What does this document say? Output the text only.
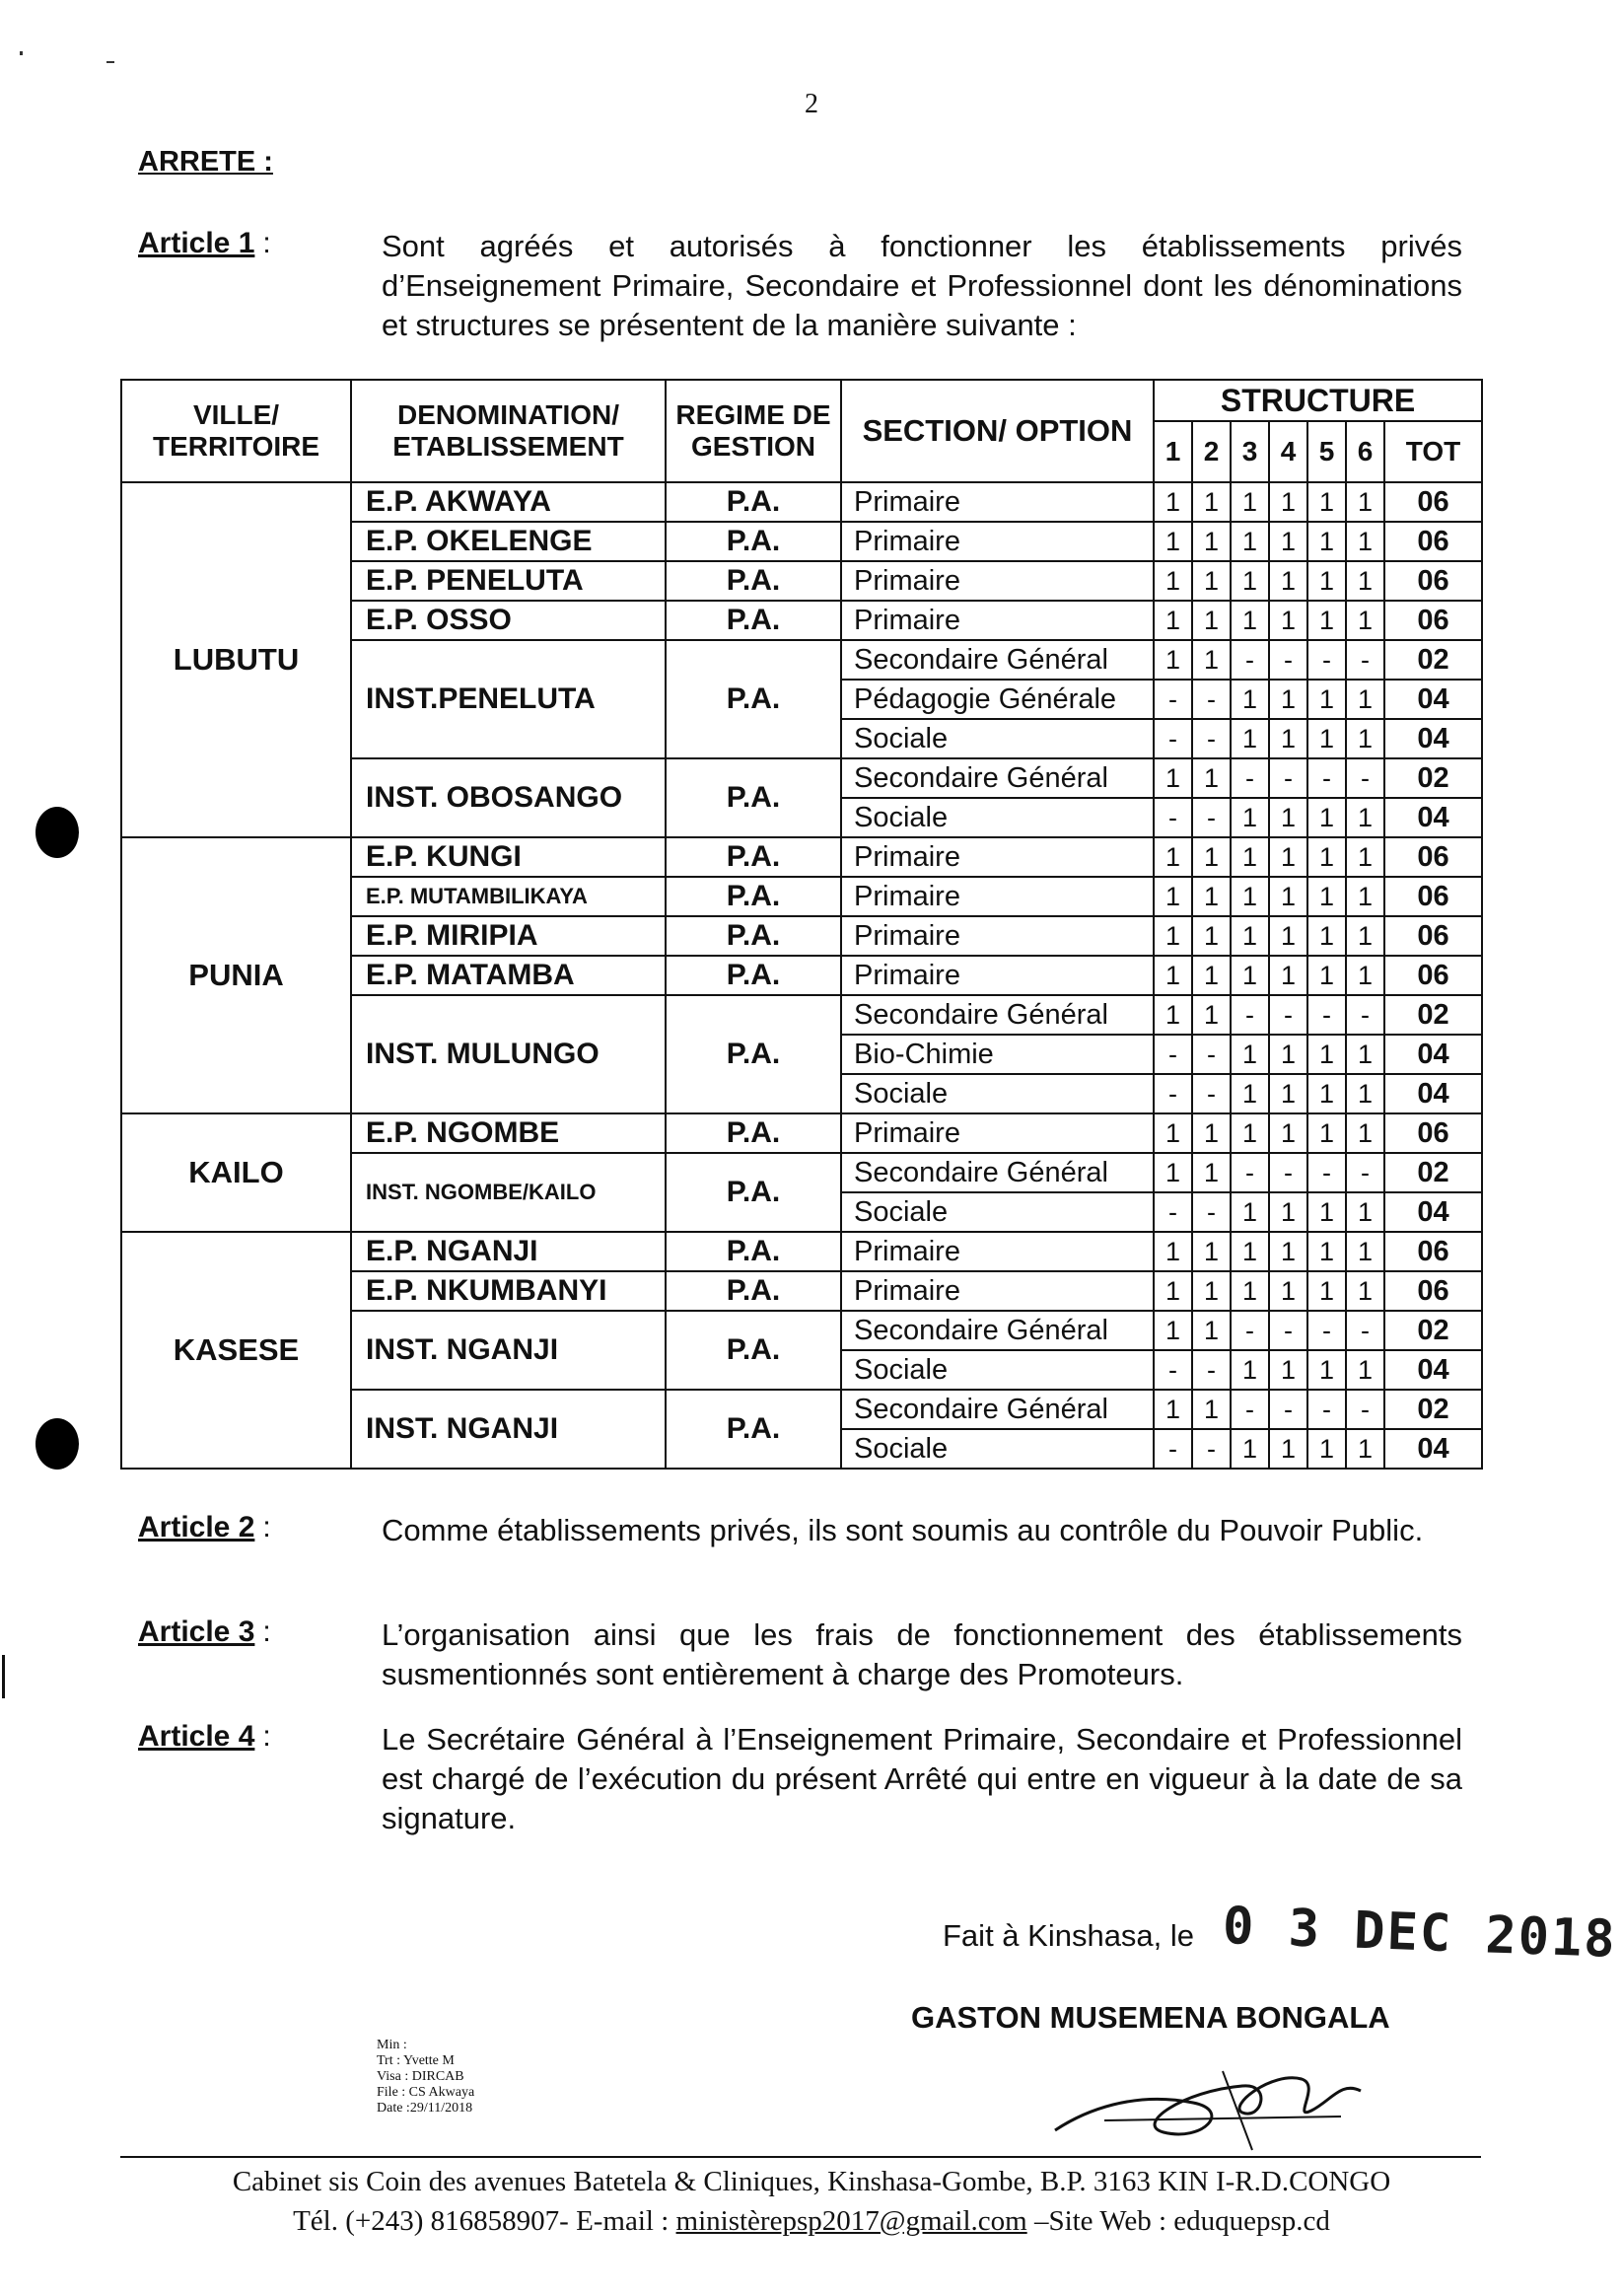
2
ARRETE :
Article 1 :	Sont agréés et autorisés à fonctionner les établissements privés d’Enseignement Primaire, Secondaire et Professionnel dont les dénominations et structures se présentent de la manière suivante :
VILLE/ TERRITOIRE	DENOMINATION/ ETABLISSEMENT	REGIME DE GESTION	SECTION/ OPTION	STRUCTURE						
				1	2	3	4	5	6	TOT
LUBUTU	E.P. AKWAYA	P.A.	Primaire	1	1	1	1	1	1	06
	E.P. OKELENGE	P.A.	Primaire	1	1	1	1	1	1	06
	E.P. PENELUTA	P.A.	Primaire	1	1	1	1	1	1	06
	E.P. OSSO	P.A.	Primaire	1	1	1	1	1	1	06
	INST.PENELUTA	P.A.	Secondaire Général	1	1	-	-	-	-	02
			Pédagogie Générale	-	-	1	1	1	1	04
			Sociale	-	-	1	1	1	1	04
	INST. OBOSANGO	P.A.	Secondaire Général	1	1	-	-	-	-	02
			Sociale	-	-	1	1	1	1	04
PUNIA	E.P. KUNGI	P.A.	Primaire	1	1	1	1	1	1	06
	E.P. MUTAMBILIKAYA	P.A.	Primaire	1	1	1	1	1	1	06
	E.P. MIRIPIA	P.A.	Primaire	1	1	1	1	1	1	06
	E.P. MATAMBA	P.A.	Primaire	1	1	1	1	1	1	06
	INST. MULUNGO	P.A.	Secondaire Général	1	1	-	-	-	-	02
			Bio-Chimie	-	-	1	1	1	1	04
			Sociale	-	-	1	1	1	1	04
KAILO	E.P. NGOMBE	P.A.	Primaire	1	1	1	1	1	1	06
	INST. NGOMBE/KAILO	P.A.	Secondaire Général	1	1	-	-	-	-	02
			Sociale	-	-	1	1	1	1	04
KASESE	E.P. NGANJI	P.A.	Primaire	1	1	1	1	1	1	06
	E.P. NKUMBANYI	P.A.	Primaire	1	1	1	1	1	1	06
	INST. NGANJI	P.A.	Secondaire Général	1	1	-	-	-	-	02
			Sociale	-	-	1	1	1	1	04
	INST. NGANJI	P.A.	Secondaire Général	1	1	-	-	-	-	02
			Sociale	-	-	1	1	1	1	04
Article 2 :	Comme établissements privés, ils sont soumis au contrôle du Pouvoir Public.
Article 3 :	L’organisation ainsi que les frais de fonctionnement des établissements susmentionnés sont entièrement à charge des Promoteurs.
Article 4 :	Le Secrétaire Général à l’Enseignement Primaire, Secondaire et Professionnel est chargé de l’exécution du présent Arrêté qui entre en vigueur à la date de sa signature.
Fait à Kinshasa, le 0 3 DEC 2018
GASTON MUSEMENA BONGALA
Min :
Trt : Yvette M
Visa : DIRCAB
File : CS Akwaya
Date :29/11/2018
Cabinet sis Coin des avenues Batetela & Cliniques, Kinshasa-Gombe, B.P. 3163 KIN I-R.D.CONGO
Tél. (+243) 816858907- E-mail : ministèrepsp2017@gmail.com –Site Web : eduquepsp.cd
